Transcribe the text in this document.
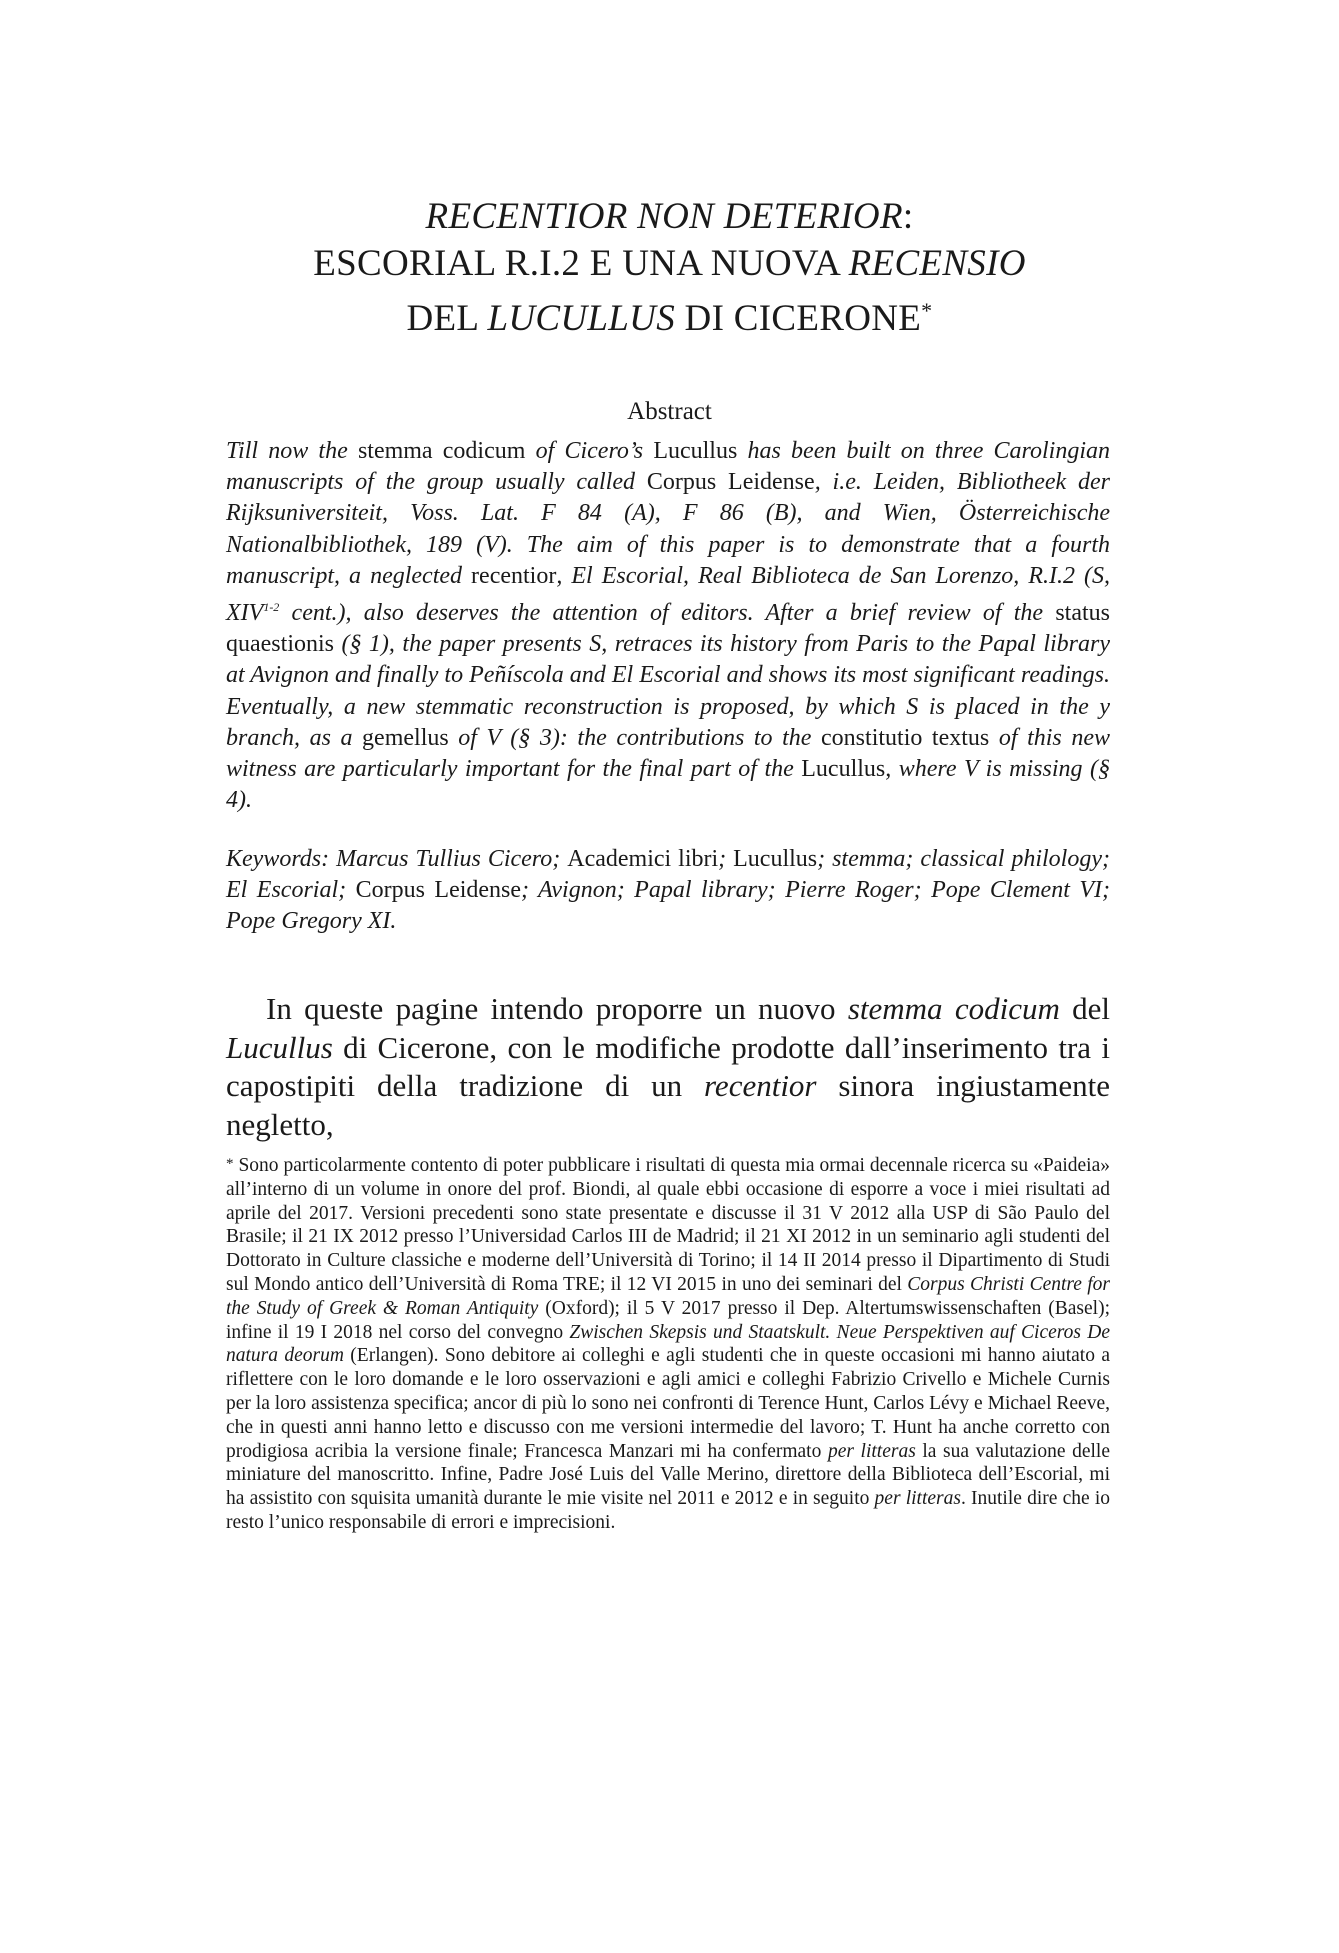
RECENTIOR NON DETERIOR:
ESCORIAL R.I.2 E UNA NUOVA RECENSIO
DEL LUCULLUS DI CICERONE*
Abstract
Till now the stemma codicum of Cicero’s Lucullus has been built on three Carolingian manuscripts of the group usually called Corpus Leidense, i.e. Leiden, Bibliotheek der Rijksuniversiteit, Voss. Lat. F 84 (A), F 86 (B), and Wien, Österreichische Nationalbibliothek, 189 (V). The aim of this paper is to demonstrate that a fourth manuscript, a neglected recentior, El Escorial, Real Biblioteca de San Lorenzo, R.I.2 (S, XIV$^{1-2}$ cent.), also deserves the attention of editors. After a brief review of the status quaestionis (§ 1), the paper presents S, retraces its history from Paris to the Papal library at Avignon and finally to Peñíscola and El Escorial and shows its most significant readings. Eventually, a new stemmatic reconstruction is proposed, by which S is placed in the y branch, as a gemellus of V (§ 3): the contributions to the constitutio textus of this new witness are particularly important for the final part of the Lucullus, where V is missing (§ 4).
Keywords: Marcus Tullius Cicero; Academici libri; Lucullus; stemma; classical philology; El Escorial; Corpus Leidense; Avignon; Papal library; Pierre Roger; Pope Clement VI; Pope Gregory XI.

In queste pagine intendo proporre un nuovo stemma codicum del Lucullus di Cicerone, con le modifiche prodotte dall’inserimento tra i capostipiti della tradizione di un recentior sinora ingiustamente negletto,

* Sono particolarmente contento di poter pubblicare i risultati di questa mia ormai decennale ricerca su «Paideia» all’interno di un volume in onore del prof. Biondi, al quale ebbi occasione di esporre a voce i miei risultati ad aprile del 2017. Versioni precedenti sono state presentate e discusse il 31 V 2012 alla USP di São Paulo del Brasile; il 21 IX 2012 presso l’Universidad Carlos III de Madrid; il 21 XI 2012 in un seminario agli studenti del Dottorato in Culture classiche e moderne dell’Università di Torino; il 14 II 2014 presso il Dipartimento di Studi sul Mondo antico dell’Università di Roma TRE; il 12 VI 2015 in uno dei seminari del Corpus Christi Centre for the Study of Greek & Roman Antiquity (Oxford); il 5 V 2017 presso il Dep. Altertumswissenschaften (Basel); infine il 19 I 2018 nel corso del convegno Zwischen Skepsis und Staatskult. Neue Perspektiven auf Ciceros De natura deorum (Erlangen). Sono debitore ai colleghi e agli studenti che in queste occasioni mi hanno aiutato a riflettere con le loro domande e le loro osservazioni e agli amici e colleghi Fabrizio Crivello e Michele Curnis per la loro assistenza specifica; ancor di più lo sono nei confronti di Terence Hunt, Carlos Lévy e Michael Reeve, che in questi anni hanno letto e discusso con me versioni intermedie del lavoro; T. Hunt ha anche corretto con prodigiosa acribia la versione finale; Francesca Manzari mi ha confermato per litteras la sua valutazione delle miniature del manoscritto. Infine, Padre José Luis del Valle Merino, direttore della Biblioteca dell’Escorial, mi ha assistito con squisita umanità durante le mie visite nel 2011 e 2012 e in seguito per litteras. Inutile dire che io resto l’unico responsabile di errori e imprecisioni.
